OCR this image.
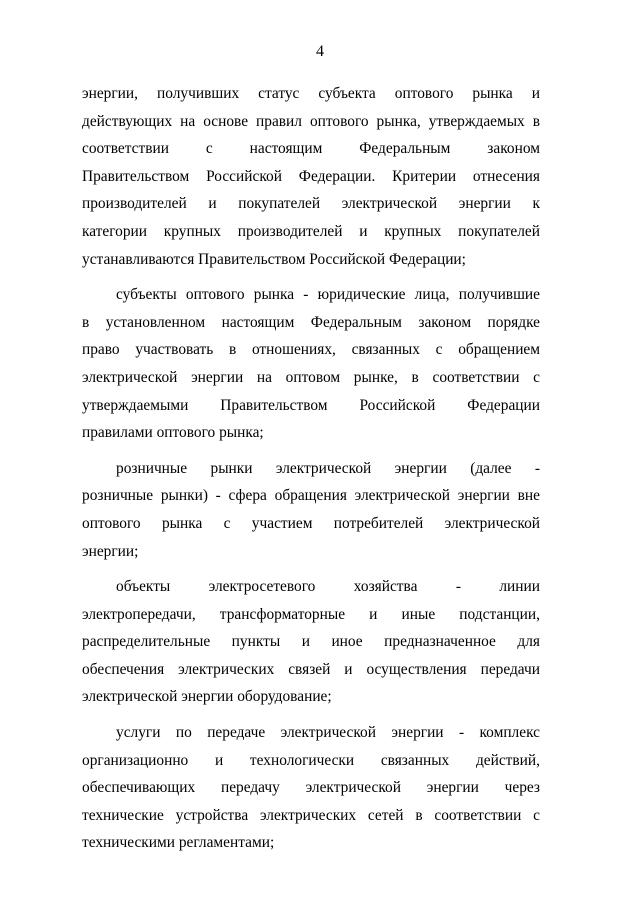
4
энергии, получивших статус субъекта оптового рынка и
действующих на основе правил оптового рынка, утверждаемых в
соответствии с настоящим Федеральным законом
Правительством Российской Федерации. Критерии отнесения
производителей и покупателей электрической энергии к
категории крупных производителей и крупных покупателей
устанавливаются Правительством Российской Федерации;
субъекты оптового рынка - юридические лица, получившие
в установленном настоящим Федеральным законом порядке
право участвовать в отношениях, связанных с обращением
электрической энергии на оптовом рынке, в соответствии с
утверждаемыми Правительством Российской Федерации
правилами оптового рынка;
розничные рынки электрической энергии (далее -
розничные рынки) - сфера обращения электрической энергии вне
оптового рынка с участием потребителей электрической
энергии;
объекты электросетевого хозяйства - линии
электропередачи, трансформаторные и иные подстанции,
распределительные пункты и иное предназначенное для
обеспечения электрических связей и осуществления передачи
электрической энергии оборудование;
услуги по передаче электрической энергии - комплекс
организационно и технологически связанных действий,
обеспечивающих передачу электрической энергии через
технические устройства электрических сетей в соответствии с
техническими регламентами;
